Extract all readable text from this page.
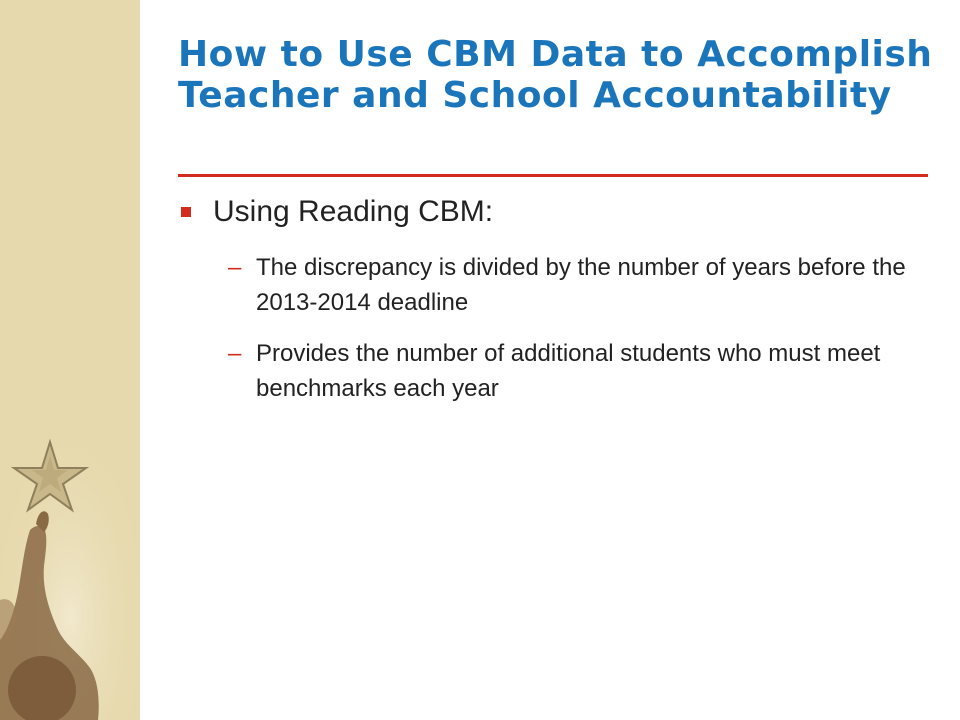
How to Use CBM Data to Accomplish Teacher and School Accountability
Using Reading CBM:
– The discrepancy is divided by the number of years before the 2013-2014 deadline
– Provides the number of additional students who must meet benchmarks each year
